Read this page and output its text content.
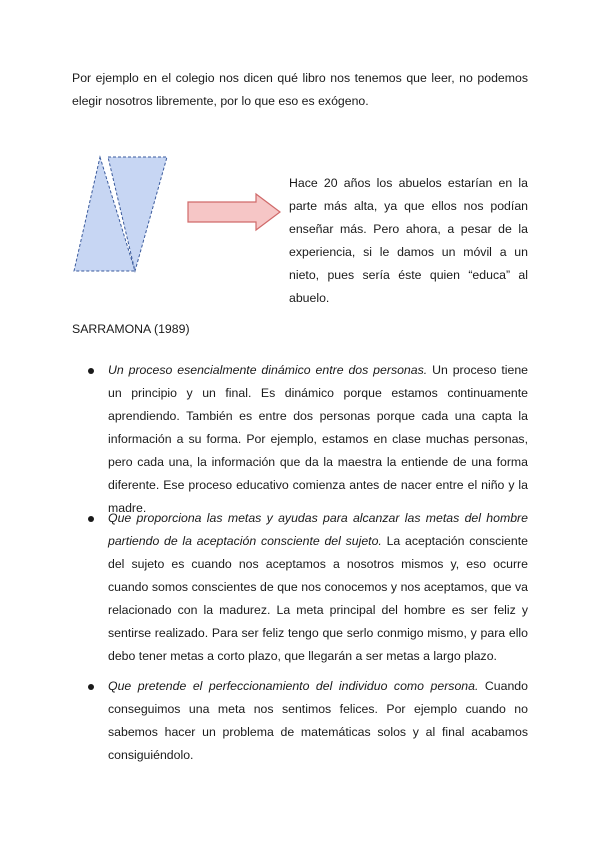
Por ejemplo en el colegio nos dicen qué libro nos tenemos que leer, no podemos elegir nosotros libremente, por lo que eso es exógeno.

Hace 20 años los abuelos estarían en la parte más alta, ya que ellos nos podían enseñar más. Pero ahora, a pesar de la experiencia, si le damos un móvil a un nieto, pues sería éste quien “educa” al abuelo.

SARRAMONA (1989)

Un proceso esencialmente dinámico entre dos personas. Un proceso tiene un principio y un final. Es dinámico porque estamos continuamente aprendiendo. También es entre dos personas porque cada una capta la información a su forma. Por ejemplo, estamos en clase muchas personas, pero cada una, la información que da la maestra la entiende de una forma diferente. Ese proceso educativo comienza antes de nacer entre el niño y la madre.

Que proporciona las metas y ayudas para alcanzar las metas del hombre partiendo de la aceptación consciente del sujeto. La aceptación consciente del sujeto es cuando nos aceptamos a nosotros mismos y, eso ocurre cuando somos conscientes de que nos conocemos y nos aceptamos, que va relacionado con la madurez. La meta principal del hombre es ser feliz y sentirse realizado. Para ser feliz tengo que serlo conmigo mismo, y para ello debo tener metas a corto plazo, que llegarán a ser metas a largo plazo.

Que pretende el perfeccionamiento del individuo como persona. Cuando conseguimos una meta nos sentimos felices. Por ejemplo cuando no sabemos hacer un problema de matemáticas solos y al final acabamos consiguiéndolo.
